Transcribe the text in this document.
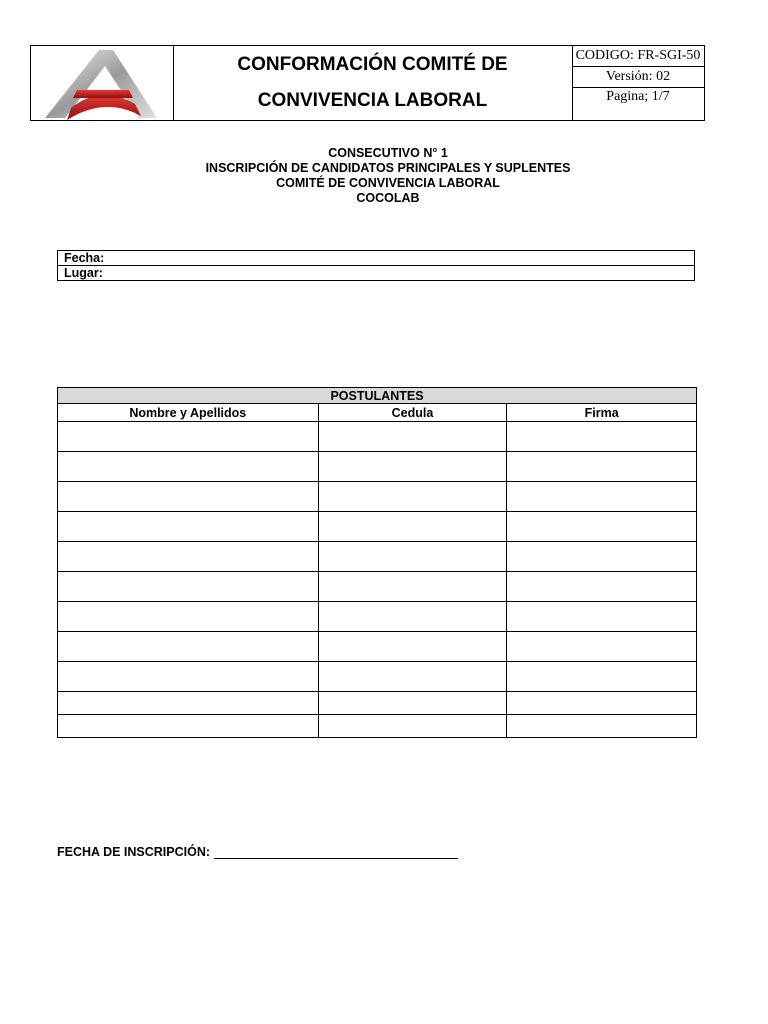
CONFORMACIÓN COMITÉ DE
CONVIVENCIA LABORAL
CODIGO: FR-SGI-50
Versión: 02
Pagina; 1/7
CONSECUTIVO N° 1
INSCRIPCIÓN DE CANDIDATOS PRINCIPALES Y SUPLENTES
COMITÉ DE CONVIVENCIA LABORAL
COCOLAB
Fecha:
Lugar:
POSTULANTES		
Nombre y Apellidos	Cedula	Firma

FECHA DE INSCRIPCIÓN:
